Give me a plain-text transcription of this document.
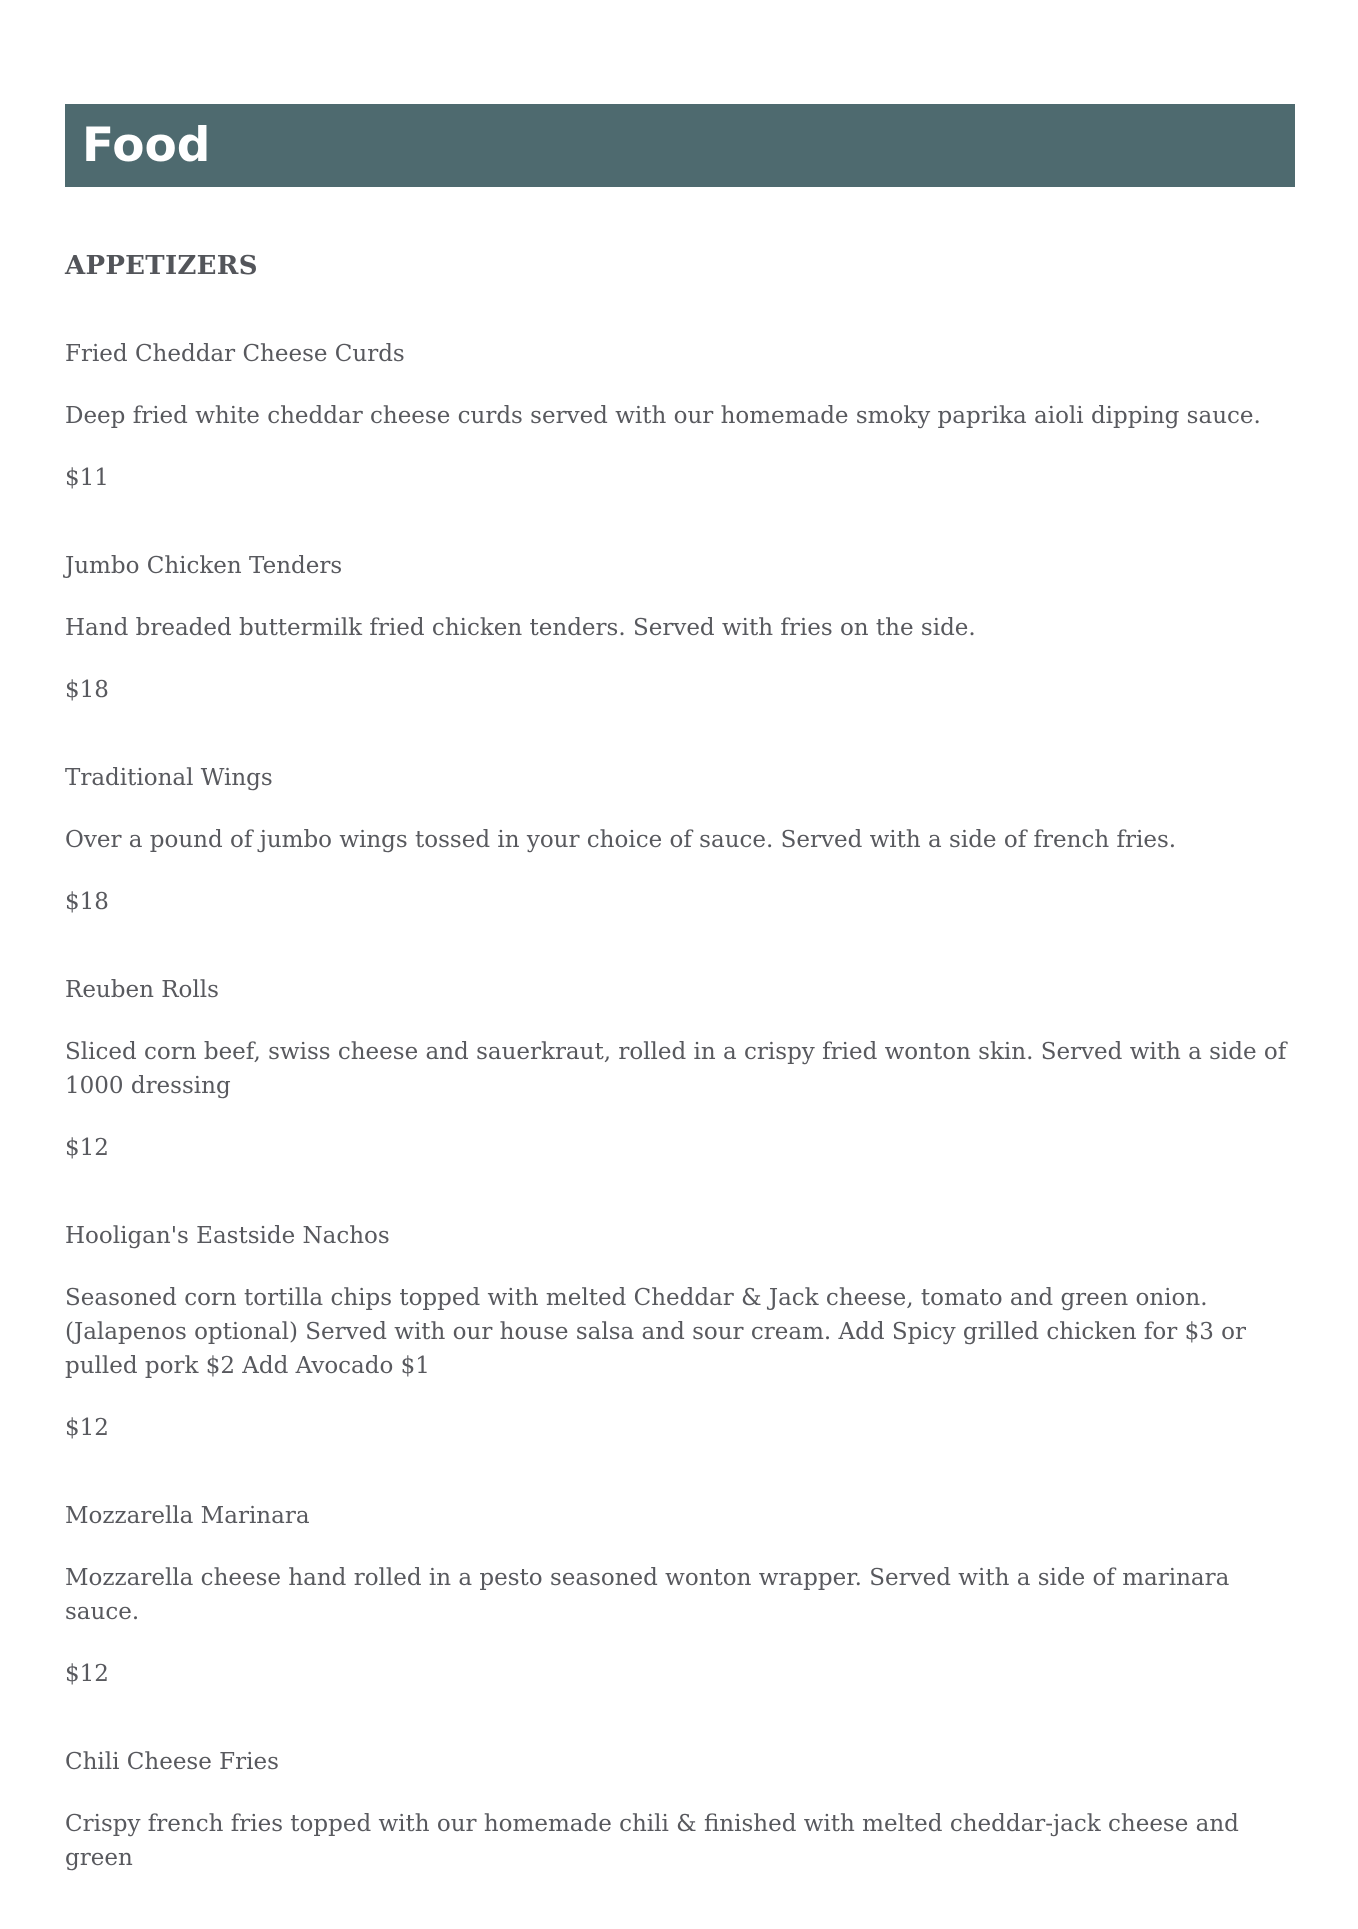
Food
APPETIZERS

Fried Cheddar Cheese Curds

Deep fried white cheddar cheese curds served with our homemade smoky paprika aioli dipping sauce.

$11

Jumbo Chicken Tenders

Hand breaded buttermilk fried chicken tenders. Served with fries on the side.

$18

Traditional Wings

Over a pound of jumbo wings tossed in your choice of sauce. Served with a side of french fries.

$18

Reuben Rolls

Sliced corn beef, swiss cheese and sauerkraut, rolled in a crispy fried wonton skin. Served with a side of 1000 dressing

$12

Hooligan's Eastside Nachos

Seasoned corn tortilla chips topped with melted Cheddar & Jack cheese, tomato and green onion. (Jalapenos optional) Served with our house salsa and sour cream. Add Spicy grilled chicken for $3 or pulled pork $2 Add Avocado $1

$12

Mozzarella Marinara

Mozzarella cheese hand rolled in a pesto seasoned wonton wrapper. Served with a side of marinara sauce.

$12

Chili Cheese Fries

Crispy french fries topped with our homemade chili & finished with melted cheddar-jack cheese and green
